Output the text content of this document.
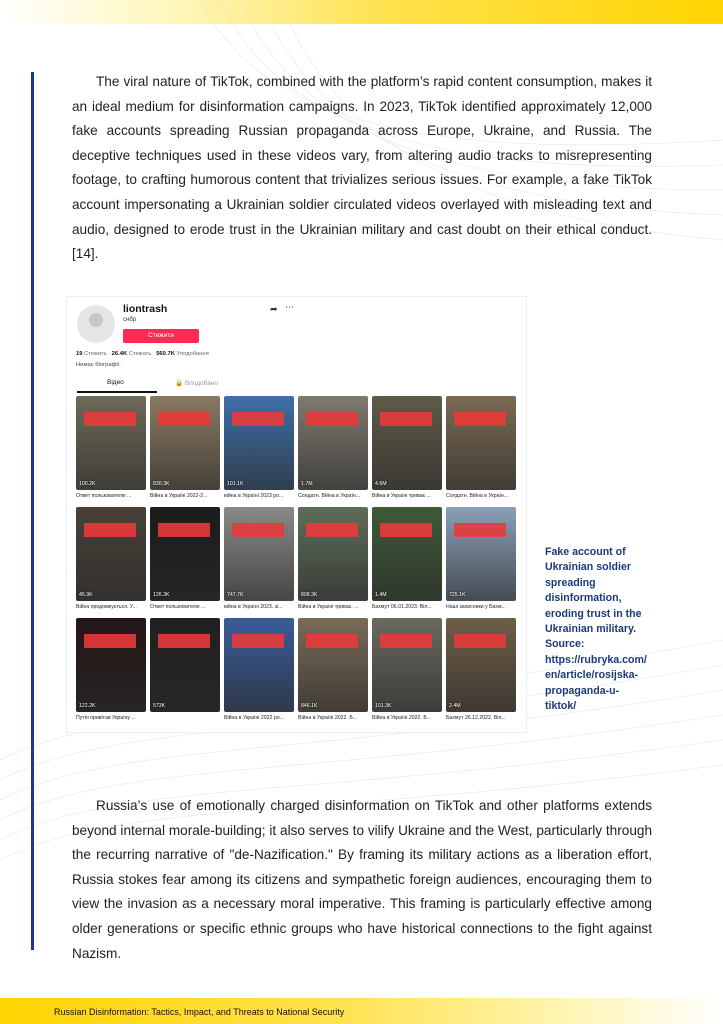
The viral nature of TikTok, combined with the platform’s rapid content consumption, makes it an ideal medium for disinformation campaigns. In 2023, TikTok identified approximately 12,000 fake accounts spreading Russian propaganda across Europe, Ukraine, and Russia. The deceptive techniques used in these videos vary, from altering audio tracks to misrepresenting footage, to crafting humorous content that trivializes serious issues. For example, a fake TikTok account impersonating a Ukrainian soldier circulated videos overlayed with misleading text and audio, designed to erode trust in the Ukrainian military and cast doubt on their ethical conduct. [14].

liontrash
снбр
Стежити
➦ ⋯
19 Стежить 26.4K Стежать 560.7K Уподобання
Немає біографії.
Відео	🔒 Вподобано
100.2K
Ответ пользователю ...
830.3K
Війна в Україні 2022-2...
101.1K
війна в Україні 2023 ро...
1.7M
Солдатн. Війна в Україн...
4.6M
Війна в Україні триває ...	Солдатн. Війна в Україн...
45.9K
Війна продовжується. У...
126.3K
Ответ пользователю ...
747.7K
війна в Україні 2023. зі...
808.3K
Війна в Україні триває. ...
1.4M
Бахмут 06.01.2023. Віл...
725.1K
Наші захисники у Бахм...
122.2K
Путін привітав Україну ...
573K
Війна в Україні 2022 ро...
846.1K
Війна в Україні 2022. Б...
101.3K
Війна в Україні 2022. Б...
2.4M
Бахмут 26.12.2022. Віл...
Fake account of
Ukrainian soldier
spreading
disinformation,
eroding trust in the
Ukrainian military.
Source:
https://rubryka.com/
en/article/rosijska-
propaganda-u-
tiktok/

Russia’s use of emotionally charged disinformation on TikTok and other platforms extends beyond internal morale-building; it also serves to vilify Ukraine and the West, particularly through the recurring narrative of "de-Nazification." By framing its military actions as a liberation effort, Russia stokes fear among its citizens and sympathetic foreign audiences, encouraging them to view the invasion as a necessary moral imperative. This framing is particularly effective among older generations or specific ethnic groups who have historical connections to the fight against Nazism.

Russian Disinformation: Tactics, Impact, and Threats to National Security
